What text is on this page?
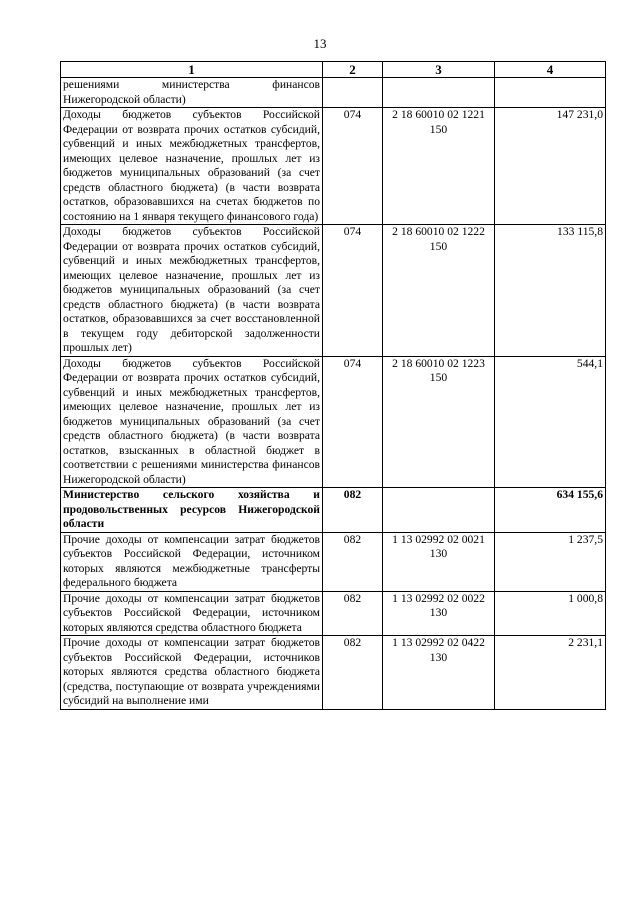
13
1	2	3	4
решениями министерства финансов Нижегородской области)			
Доходы бюджетов субъектов Российской Федерации от возврата прочих остатков субсидий, субвенций и иных межбюджетных трансфертов, имеющих целевое назначение, прошлых лет из бюджетов муниципальных образований (за счет средств областного бюджета) (в части возврата остатков, образовавшихся на счетах бюджетов по состоянию на 1 января текущего финансового года)	074	2 18 60010 02 1221 150	147 231,0
Доходы бюджетов субъектов Российской Федерации от возврата прочих остатков субсидий, субвенций и иных межбюджетных трансфертов, имеющих целевое назначение, прошлых лет из бюджетов муниципальных образований (за счет средств областного бюджета) (в части возврата остатков, образовавшихся за счет восстановленной в текущем году дебиторской задолженности прошлых лет)	074	2 18 60010 02 1222 150	133 115,8
Доходы бюджетов субъектов Российской Федерации от возврата прочих остатков субсидий, субвенций и иных межбюджетных трансфертов, имеющих целевое назначение, прошлых лет из бюджетов муниципальных образований (за счет средств областного бюджета) (в части возврата остатков, взысканных в областной бюджет в соответствии с решениями министерства финансов Нижегородской области)	074	2 18 60010 02 1223 150	544,1
Министерство сельского хозяйства и продовольственных ресурсов Нижегородской области	082		634 155,6
Прочие доходы от компенсации затрат бюджетов субъектов Российской Федерации, источником которых являются межбюджетные трансферты федерального бюджета	082	1 13 02992 02 0021 130	1 237,5
Прочие доходы от компенсации затрат бюджетов субъектов Российской Федерации, источником которых являются средства областного бюджета	082	1 13 02992 02 0022 130	1 000,8
Прочие доходы от компенсации затрат бюджетов субъектов Российской Федерации, источников которых являются средства областного бюджета (средства, поступающие от возврата учреждениями субсидий на выполнение ими	082	1 13 02992 02 0422 130	2 231,1
